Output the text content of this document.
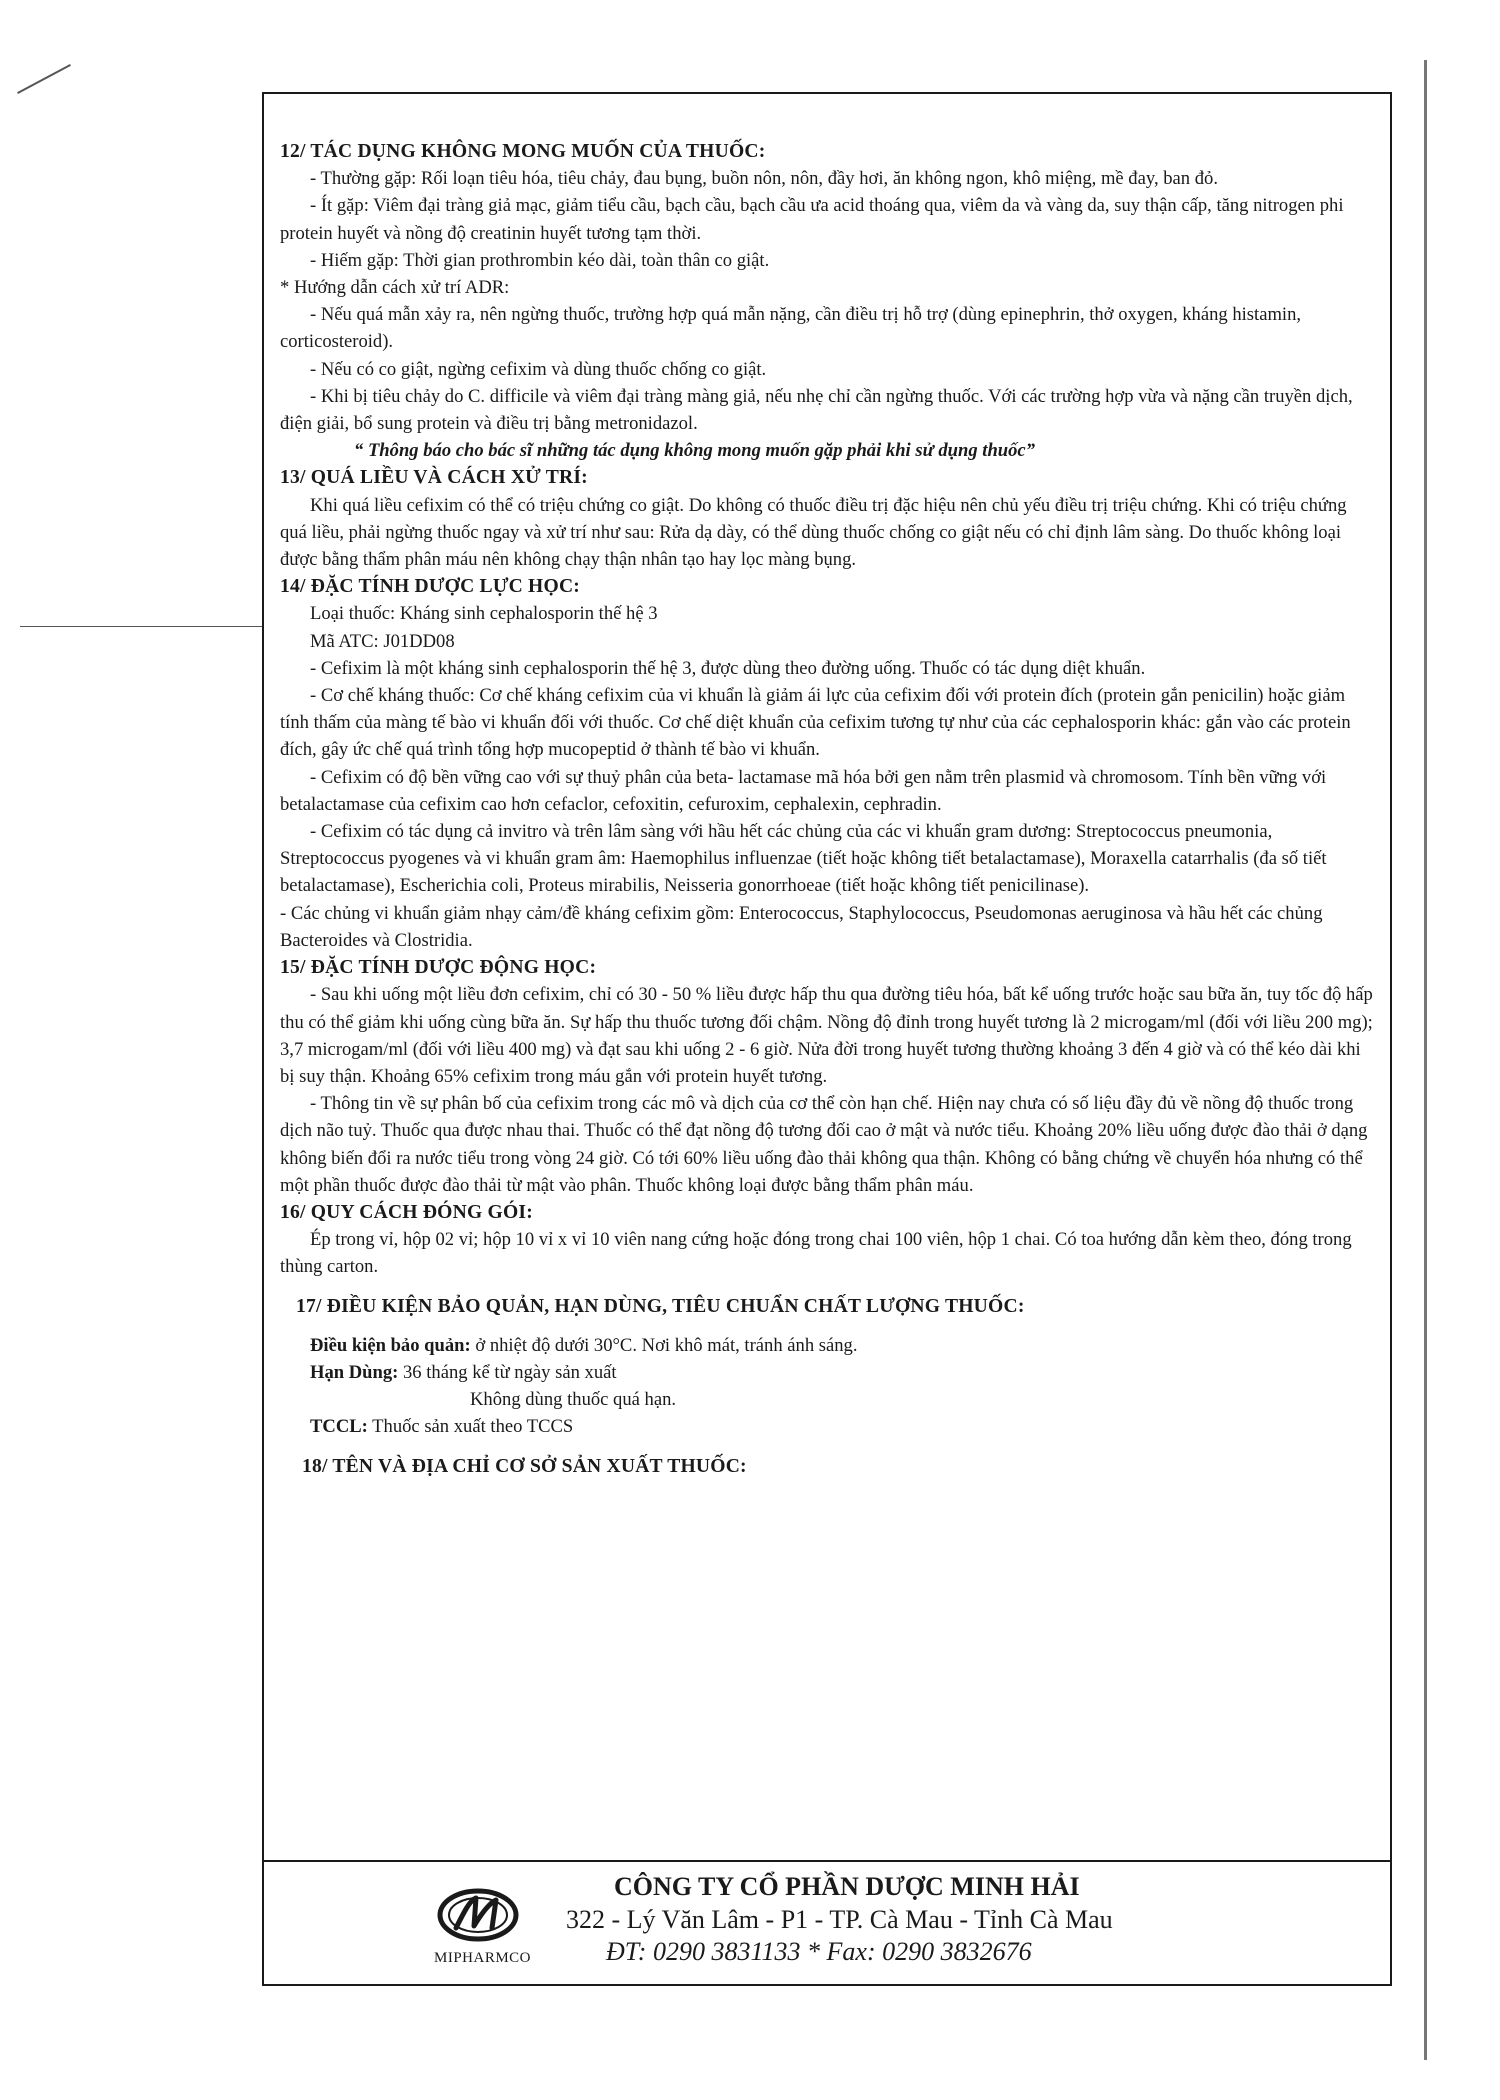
12/ TÁC DỤNG KHÔNG MONG MUỐN CỦA THUỐC:

- Thường gặp: Rối loạn tiêu hóa, tiêu chảy, đau bụng, buồn nôn, nôn, đầy hơi, ăn không ngon, khô miệng, mề đay, ban đỏ.

- Ít gặp: Viêm đại tràng giả mạc, giảm tiểu cầu, bạch cầu, bạch cầu ưa acid thoáng qua, viêm da và vàng da, suy thận cấp, tăng nitrogen phi protein huyết và nồng độ creatinin huyết tương tạm thời.

- Hiếm gặp: Thời gian prothrombin kéo dài, toàn thân co giật.

* Hướng dẫn cách xử trí ADR:

- Nếu quá mẫn xảy ra, nên ngừng thuốc, trường hợp quá mẫn nặng, cần điều trị hỗ trợ (dùng epinephrin, thở oxygen, kháng histamin, corticosteroid).

- Nếu có co giật, ngừng cefixim và dùng thuốc chống co giật.

- Khi bị tiêu chảy do C. difficile và viêm đại tràng màng giả, nếu nhẹ chỉ cần ngừng thuốc. Với các trường hợp vừa và nặng cần truyền dịch, điện giải, bổ sung protein và điều trị bằng metronidazol.

“ Thông báo cho bác sĩ những tác dụng không mong muốn gặp phải khi sử dụng thuốc”

13/ QUÁ LIỀU VÀ CÁCH XỬ TRÍ:

Khi quá liều cefixim có thể có triệu chứng co giật. Do không có thuốc điều trị đặc hiệu nên chủ yếu điều trị triệu chứng. Khi có triệu chứng quá liều, phải ngừng thuốc ngay và xử trí như sau: Rửa dạ dày, có thể dùng thuốc chống co giật nếu có chỉ định lâm sàng. Do thuốc không loại được bằng thẩm phân máu nên không chạy thận nhân tạo hay lọc màng bụng.

14/ ĐẶC TÍNH DƯỢC LỰC HỌC:

Loại thuốc: Kháng sinh cephalosporin thế hệ 3

Mã ATC: J01DD08

- Cefixim là một kháng sinh cephalosporin thế hệ 3, được dùng theo đường uống. Thuốc có tác dụng diệt khuẩn.

- Cơ chế kháng thuốc: Cơ chế kháng cefixim của vi khuẩn là giảm ái lực của cefixim đối với protein đích (protein gắn penicilin) hoặc giảm tính thấm của màng tế bào vi khuẩn đối với thuốc. Cơ chế diệt khuẩn của cefixim tương tự như của các cephalosporin khác: gắn vào các protein đích, gây ức chế quá trình tổng hợp mucopeptid ở thành tế bào vi khuẩn.

- Cefixim có độ bền vững cao với sự thuỷ phân của beta- lactamase mã hóa bởi gen nằm trên plasmid và chromosom. Tính bền vững với betalactamase của cefixim cao hơn cefaclor, cefoxitin, cefuroxim, cephalexin, cephradin.

- Cefixim có tác dụng cả invitro và trên lâm sàng với hầu hết các chủng của các vi khuẩn gram dương: Streptococcus pneumonia, Streptococcus pyogenes và vi khuẩn gram âm: Haemophilus influenzae (tiết hoặc không tiết betalactamase), Moraxella catarrhalis (đa số tiết betalactamase), Escherichia coli, Proteus mirabilis, Neisseria gonorrhoeae (tiết hoặc không tiết penicilinase).

- Các chủng vi khuẩn giảm nhạy cảm/đề kháng cefixim gồm: Enterococcus, Staphylococcus, Pseudomonas aeruginosa và hầu hết các chủng Bacteroides và Clostridia.

15/ ĐẶC TÍNH DƯỢC ĐỘNG HỌC:

- Sau khi uống một liều đơn cefixim, chỉ có 30 - 50 % liều được hấp thu qua đường tiêu hóa, bất kể uống trước hoặc sau bữa ăn, tuy tốc độ hấp thu có thể giảm khi uống cùng bữa ăn. Sự hấp thu thuốc tương đối chậm. Nồng độ đỉnh trong huyết tương là 2 microgam/ml (đối với liều 200 mg); 3,7 microgam/ml (đối với liều 400 mg) và đạt sau khi uống 2 - 6 giờ. Nửa đời trong huyết tương thường khoảng 3 đến 4 giờ và có thể kéo dài khi bị suy thận. Khoảng 65% cefixim trong máu gắn với protein huyết tương.

- Thông tin về sự phân bố của cefixim trong các mô và dịch của cơ thể còn hạn chế. Hiện nay chưa có số liệu đầy đủ về nồng độ thuốc trong dịch não tuỷ. Thuốc qua được nhau thai. Thuốc có thể đạt nồng độ tương đối cao ở mật và nước tiểu. Khoảng 20% liều uống được đào thải ở dạng không biến đổi ra nước tiểu trong vòng 24 giờ. Có tới 60% liều uống đào thải không qua thận. Không có bằng chứng về chuyển hóa nhưng có thể một phần thuốc được đào thải từ mật vào phân. Thuốc không loại được bằng thẩm phân máu.

16/ QUY CÁCH ĐÓNG GÓI:

Ép trong vỉ, hộp 02 vỉ; hộp 10 vỉ x vỉ 10 viên nang cứng hoặc đóng trong chai 100 viên, hộp 1 chai. Có toa hướng dẫn kèm theo, đóng trong thùng carton.

17/ ĐIỀU KIỆN BẢO QUẢN, HẠN DÙNG, TIÊU CHUẨN CHẤT LƯỢNG THUỐC:

Điều kiện bảo quản: ở nhiệt độ dưới 30°C. Nơi khô mát, tránh ánh sáng.

Hạn Dùng: 36 tháng kể từ ngày sản xuất

Không dùng thuốc quá hạn.

TCCL: Thuốc sản xuất theo TCCS

18/ TÊN VÀ ĐỊA CHỈ CƠ SỞ SẢN XUẤT THUỐC:

MIPHARMCO
CÔNG TY CỔ PHẦN DƯỢC MINH HẢI
322 - Lý Văn Lâm - P1 - TP. Cà Mau - Tỉnh Cà Mau
ĐT: 0290 3831133 * Fax: 0290 3832676
